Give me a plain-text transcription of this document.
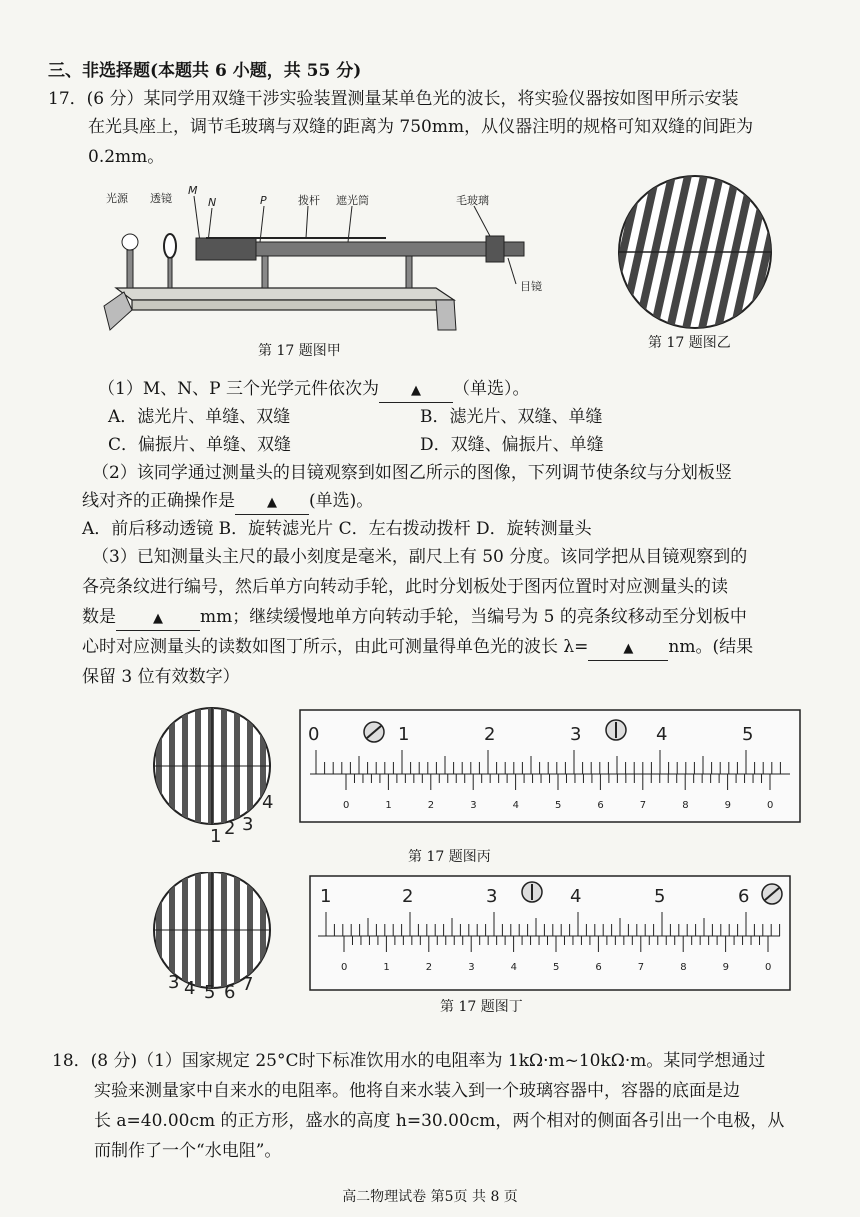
三、非选择题(本题共 6 小题，共 55 分)
17．(6 分）某同学用双缝干涉实验装置测量某单色光的波长，将实验仪器按如图甲所示安装
在光具座上，调节毛玻璃与双缝的距离为 750mm，从仪器注明的规格可知双缝的间距为
0.2mm。
光源 透镜
M
N	P	拨杆 遮光筒	毛玻璃
目镜
第 17 题图甲	第 17 题图乙
（1）M、N、P 三个光学元件依次为 ▲ （单选）。
A．滤光片、单缝、双缝	B．滤光片、双缝、单缝
C．偏振片、单缝、双缝	D．双缝、偏振片、单缝
（2）该同学通过测量头的目镜观察到如图乙所示的图像，下列调节使条纹与分划板竖
线对齐的正确操作是 ▲ (单选)。
A．前后移动透镜 B．旋转滤光片 C．左右拨动拨杆 D．旋转测量头
（3）已知测量头主尺的最小刻度是毫米，副尺上有 50 分度。该同学把从目镜观察到的
各亮条纹进行编号，然后单方向转动手轮，此时分划板处于图丙位置时对应测量头的读
数是	▲ mm；继续缓慢地单方向转动手轮，当编号为 5 的亮条纹移动至分划板中
心时对应测量头的读数如图丁所示，由此可测量得单色光的波长 λ=	▲ nm。(结果
保留 3 位有效数字）
1 2 3
4
0	1	2	3	4	5
0	1	2	3	4	5	6	7	8	9	0
第 17 题图丙
3 4 5 6 7
1	2	3	4	5	6
0	1	2	3	4	5	6	7	8	9	0
第 17 题图丁
18．(8 分)（1）国家规定 25°C时下标准饮用水的电阻率为 1kΩ·m~10kΩ·m。某同学想通过
实验来测量家中自来水的电阻率。他将自来水装入到一个玻璃容器中，容器的底面是边
长 a=40.00cm 的正方形，盛水的高度 h=30.00cm，两个相对的侧面各引出一个电极，从
而制作了一个“水电阻”。
高二物理试卷 第5页 共 8 页
